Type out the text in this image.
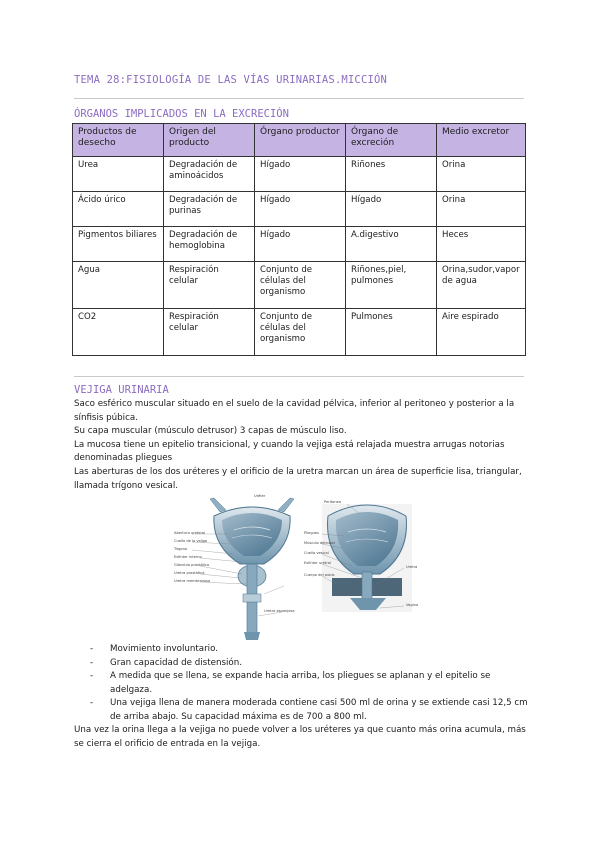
TEMA 28:FISIOLOGÍA DE LAS VÍAS URINARIAS.MICCIÓN
ÓRGANOS IMPLICADOS EN LA EXCRECIÓN
Productos de desecho	Origen del producto	Órgano productor	Órgano de excreción	Medio excretor
Urea	Degradación de aminoácidos	Hígado	Riñones	Orina
Ácido úrico	Degradación de purinas	Hígado	Hígado	Orina
Pigmentos biliares	Degradación de hemoglobina	Hígado	A.digestivo	Heces
Agua	Respiración celular	Conjunto de células del organismo	Riñones,piel, pulmones	Orina,sudor,vapor de agua
CO2	Respiración celular	Conjunto de células del organismo	Pulmones	Aire espirado
VEJIGA URINARIA

Saco esférico muscular situado en el suelo de la cavidad pélvica, inferior al peritoneo y posterior a la sínfisis púbica.

Su capa muscular (músculo detrusor) 3 capas de músculo liso.

La mucosa tiene un epitelio transicional, y cuando la vejiga está relajada muestra arrugas notorias denominadas pliegues

Las aberturas de los dos uréteres y el orificio de la uretra marcan un área de superficie lisa, triangular, llamada trígono vesical.

Uréter
Abertura ureteral
Cuello de la vejiga
Trígono
Esfínter interno
Glándula prostática
Uretra prostática
Uretra membranosa
Uretra esponjosa
Peritoneo
Pliegues
Músculo detrusor
Cuello vesical
Esfínter uretral
Cuerpo del pubis
Uretra
Vagina
- Movimiento involuntario.
- Gran capacidad de distensión.
- A medida que se llena, se expande hacia arriba, los pliegues se aplanan y el epitelio se adelgaza.
- Una vejiga llena de manera moderada contiene casi 500 ml de orina y se extiende casi 12,5 cm de arriba abajo. Su capacidad máxima es de 700 a 800 ml.

Una vez la orina llega a la vejiga no puede volver a los uréteres ya que cuanto más orina acumula, más se cierra el orificio de entrada en la vejiga.
